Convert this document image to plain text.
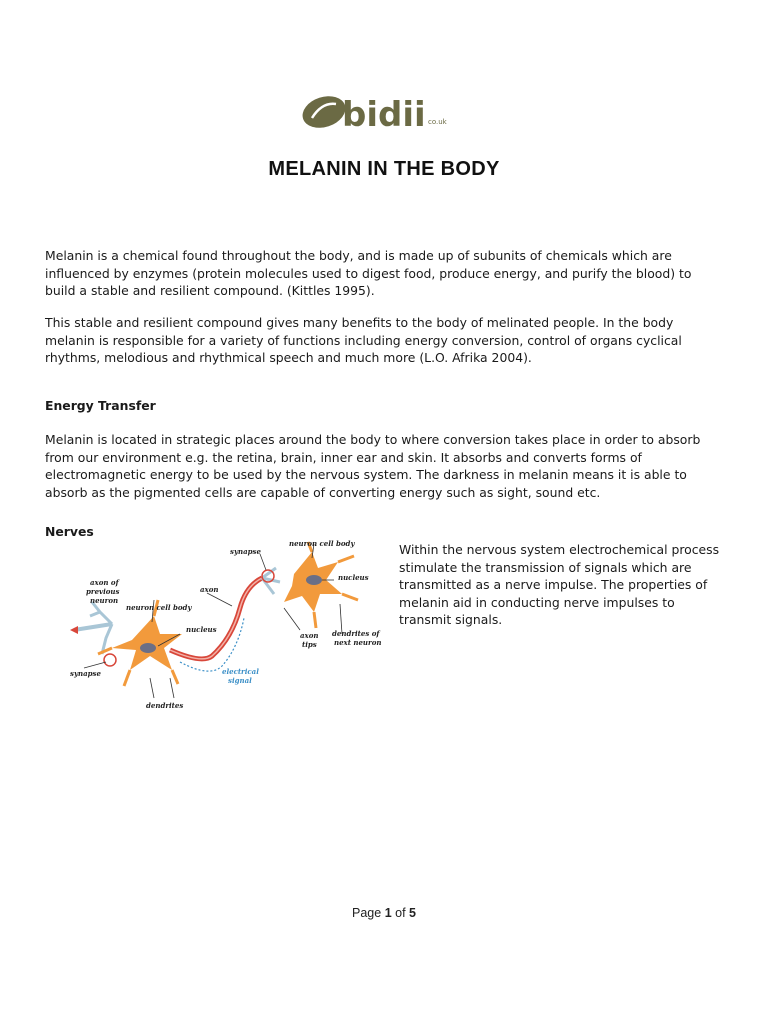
bidii co.uk
MELANIN IN THE BODY
Melanin is a chemical found throughout the body, and is made up of subunits of chemicals which are
influenced by enzymes (protein molecules used to digest food, produce energy, and purify the blood) to
build a stable and resilient compound. (Kittles 1995).
This stable and resilient compound gives many benefits to the body of melinated people. In the body
melanin is responsible for a variety of functions including energy conversion, control of organs cyclical
rhythms, melodious and rhythmical speech and much more (L.O. Afrika 2004).
Energy Transfer
Melanin is located in strategic places around the body to where conversion takes place in order to absorb
from our environment e.g. the retina, brain, inner ear and skin. It absorbs and converts forms of
electromagnetic energy to be used by the nervous system. The darkness in melanin means it is able to
absorb as the pigmented cells are capable of converting energy such as sight, sound etc.
Nerves
synapse
neuron cell body
nucleus
axon of
previous
neuron
axon
neuron cell body
nucleus
axon
tips
dendrites of
next neuron
electrical
signal
synapse
dendrites
Within the nervous system electrochemical process
stimulate the transmission of signals which are
transmitted as a nerve impulse. The properties of
melanin aid in conducting nerve impulses to
transmit signals.
Page 1 of 5
